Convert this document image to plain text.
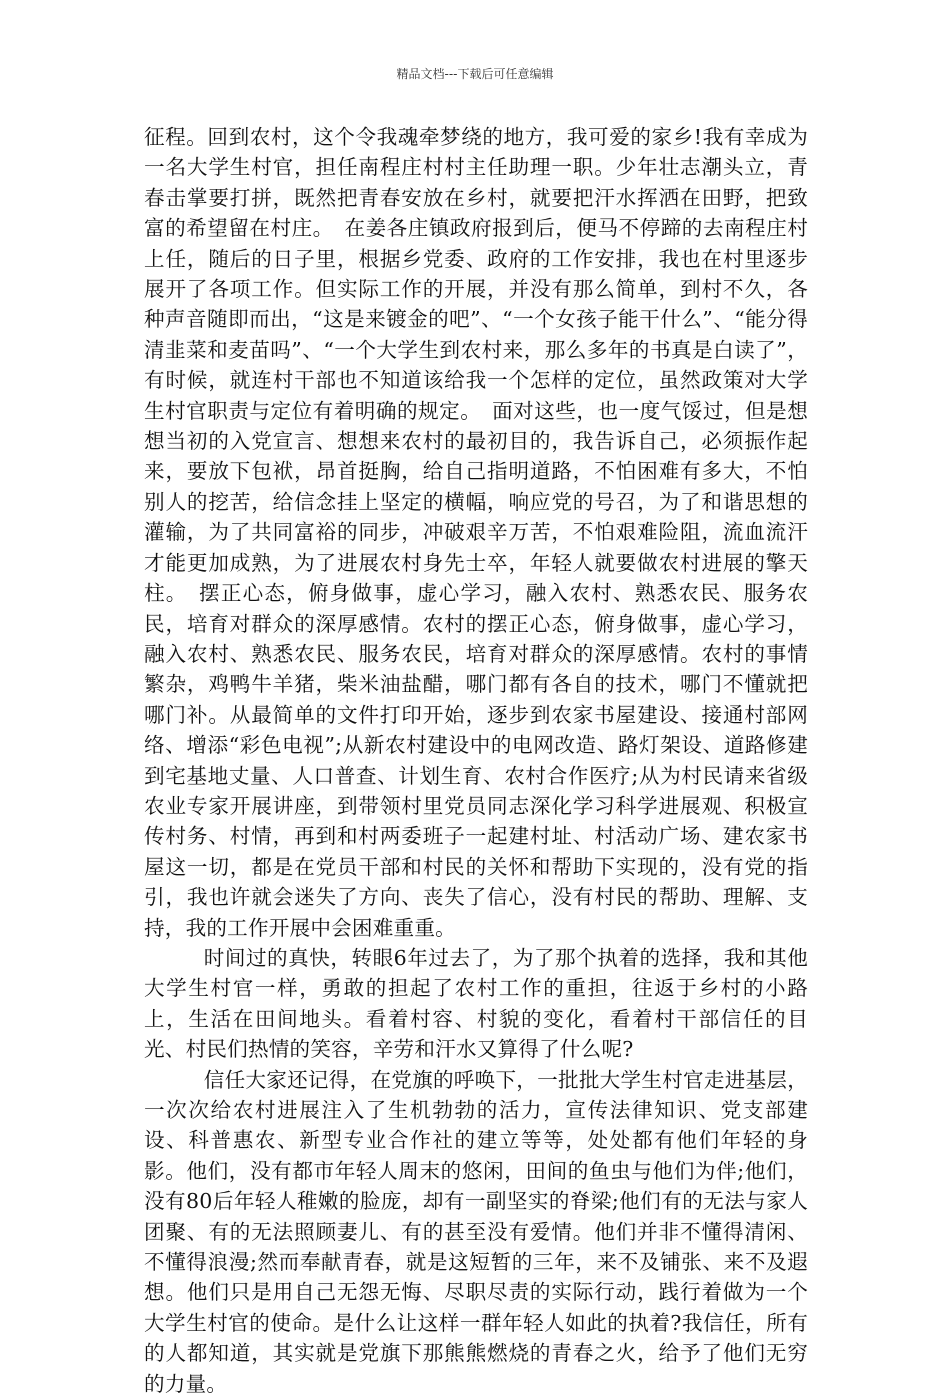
精品文档---下载后可任意编辑

征程。回到农村，这个令我魂牵梦绕的地方，我可爱的家乡!我有幸成为一名大学生村官，担任南程庄村村主任助理一职。少年壮志潮头立，青春击掌要打拼，既然把青春安放在乡村，就要把汗水挥洒在田野，把致富的希望留在村庄。　在姜各庄镇政府报到后，便马不停蹄的去南程庄村上任，随后的日子里，根据乡党委、政府的工作安排，我也在村里逐步展开了各项工作。但实际工作的开展，并没有那么简单，到村不久，各种声音随即而出，“这是来镀金的吧”、“一个女孩子能干什么”、“能分得清韭菜和麦苗吗”、“一个大学生到农村来，那么多年的书真是白读了”，有时候，就连村干部也不知道该给我一个怎样的定位，虽然政策对大学生村官职责与定位有着明确的规定。　面对这些，也一度气馁过，但是想想当初的入党宣言、想想来农村的最初目的，我告诉自己，必须振作起来，要放下包袱，昂首挺胸，给自己指明道路，不怕困难有多大，不怕别人的挖苦，给信念挂上坚定的横幅，响应党的号召，为了和谐思想的灌输，为了共同富裕的同步，冲破艰辛万苦，不怕艰难险阻，流血流汗才能更加成熟，为了进展农村身先士卒，年轻人就要做农村进展的擎天柱。　摆正心态，俯身做事，虚心学习，融入农村、熟悉农民、服务农民，培育对群众的深厚感情。农村的摆正心态，俯身做事，虚心学习，融入农村、熟悉农民、服务农民，培育对群众的深厚感情。农村的事情繁杂，鸡鸭牛羊猪，柴米油盐醋，哪门都有各自的技术，哪门不懂就把哪门补。从最简单的文件打印开始，逐步到农家书屋建设、接通村部网络、增添“彩色电视”;从新农村建设中的电网改造、路灯架设、道路修建到宅基地丈量、人口普查、计划生育、农村合作医疗;从为村民请来省级农业专家开展讲座，到带领村里党员同志深化学习科学进展观、积极宣传村务、村情，再到和村两委班子一起建村址、村活动广场、建农家书屋这一切，都是在党员干部和村民的关怀和帮助下实现的，没有党的指引，我也许就会迷失了方向、丧失了信心，没有村民的帮助、理解、支持，我的工作开展中会困难重重。

时间过的真快，转眼6年过去了，为了那个执着的选择，我和其他大学生村官一样，勇敢的担起了农村工作的重担，往返于乡村的小路上，生活在田间地头。看着村容、村貌的变化，看着村干部信任的目光、村民们热情的笑容，辛劳和汗水又算得了什么呢?

信任大家还记得，在党旗的呼唤下，一批批大学生村官走进基层，一次次给农村进展注入了生机勃勃的活力，宣传法律知识、党支部建设、科普惠农、新型专业合作社的建立等等，处处都有他们年轻的身影。他们，没有都市年轻人周末的悠闲，田间的鱼虫与他们为伴;他们，没有80后年轻人稚嫩的脸庞，却有一副坚实的脊梁;他们有的无法与家人团聚、有的无法照顾妻儿、有的甚至没有爱情。他们并非不懂得清闲、不懂得浪漫;然而奉献青春，就是这短暂的三年，来不及铺张、来不及遐想。他们只是用自己无怨无悔、尽职尽责的实际行动，践行着做为一个大学生村官的使命。是什么让这样一群年轻人如此的执着?我信任，所有的人都知道，其实就是党旗下那熊熊燃烧的青春之火，给予了他们无穷的力量。
